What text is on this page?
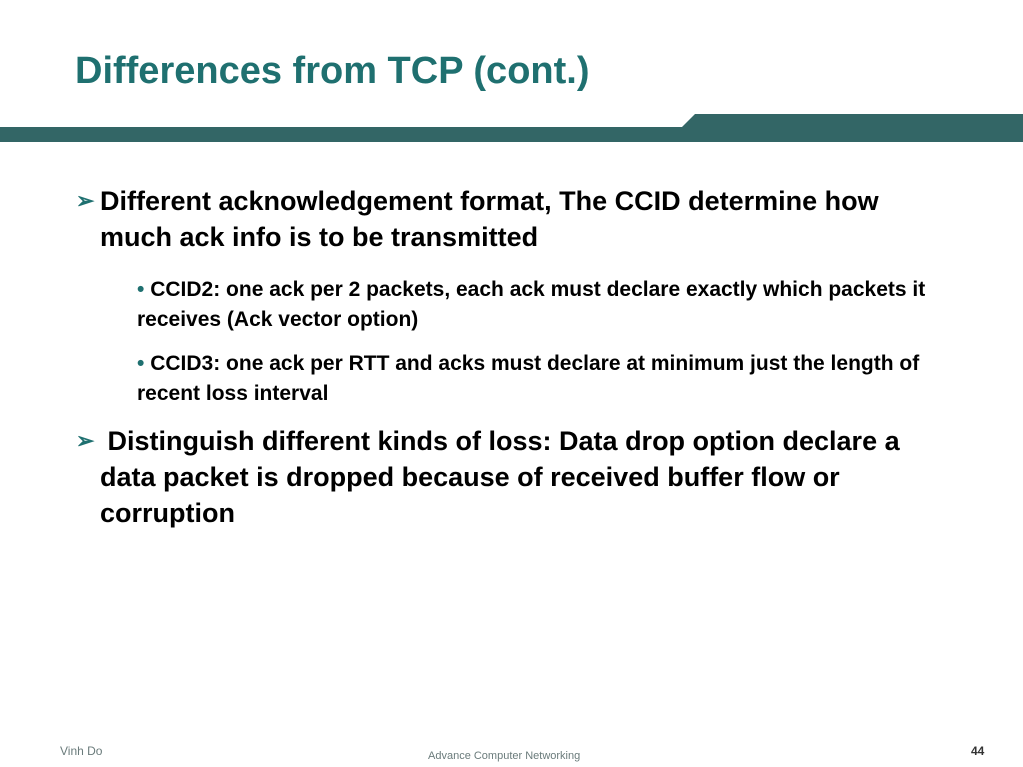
Differences from TCP (cont.)
➢ Different acknowledgement format, The CCID determine how much ack info is to be transmitted
• CCID2: one ack per 2 packets, each ack must declare exactly which packets it receives (Ack vector option)
• CCID3: one ack per RTT and acks must declare at minimum just the length of recent loss interval
➢ Distinguish different kinds of loss: Data drop option declare a data packet is dropped because of received buffer flow or corruption
Vinh Do	Advance Computer Networking	44
